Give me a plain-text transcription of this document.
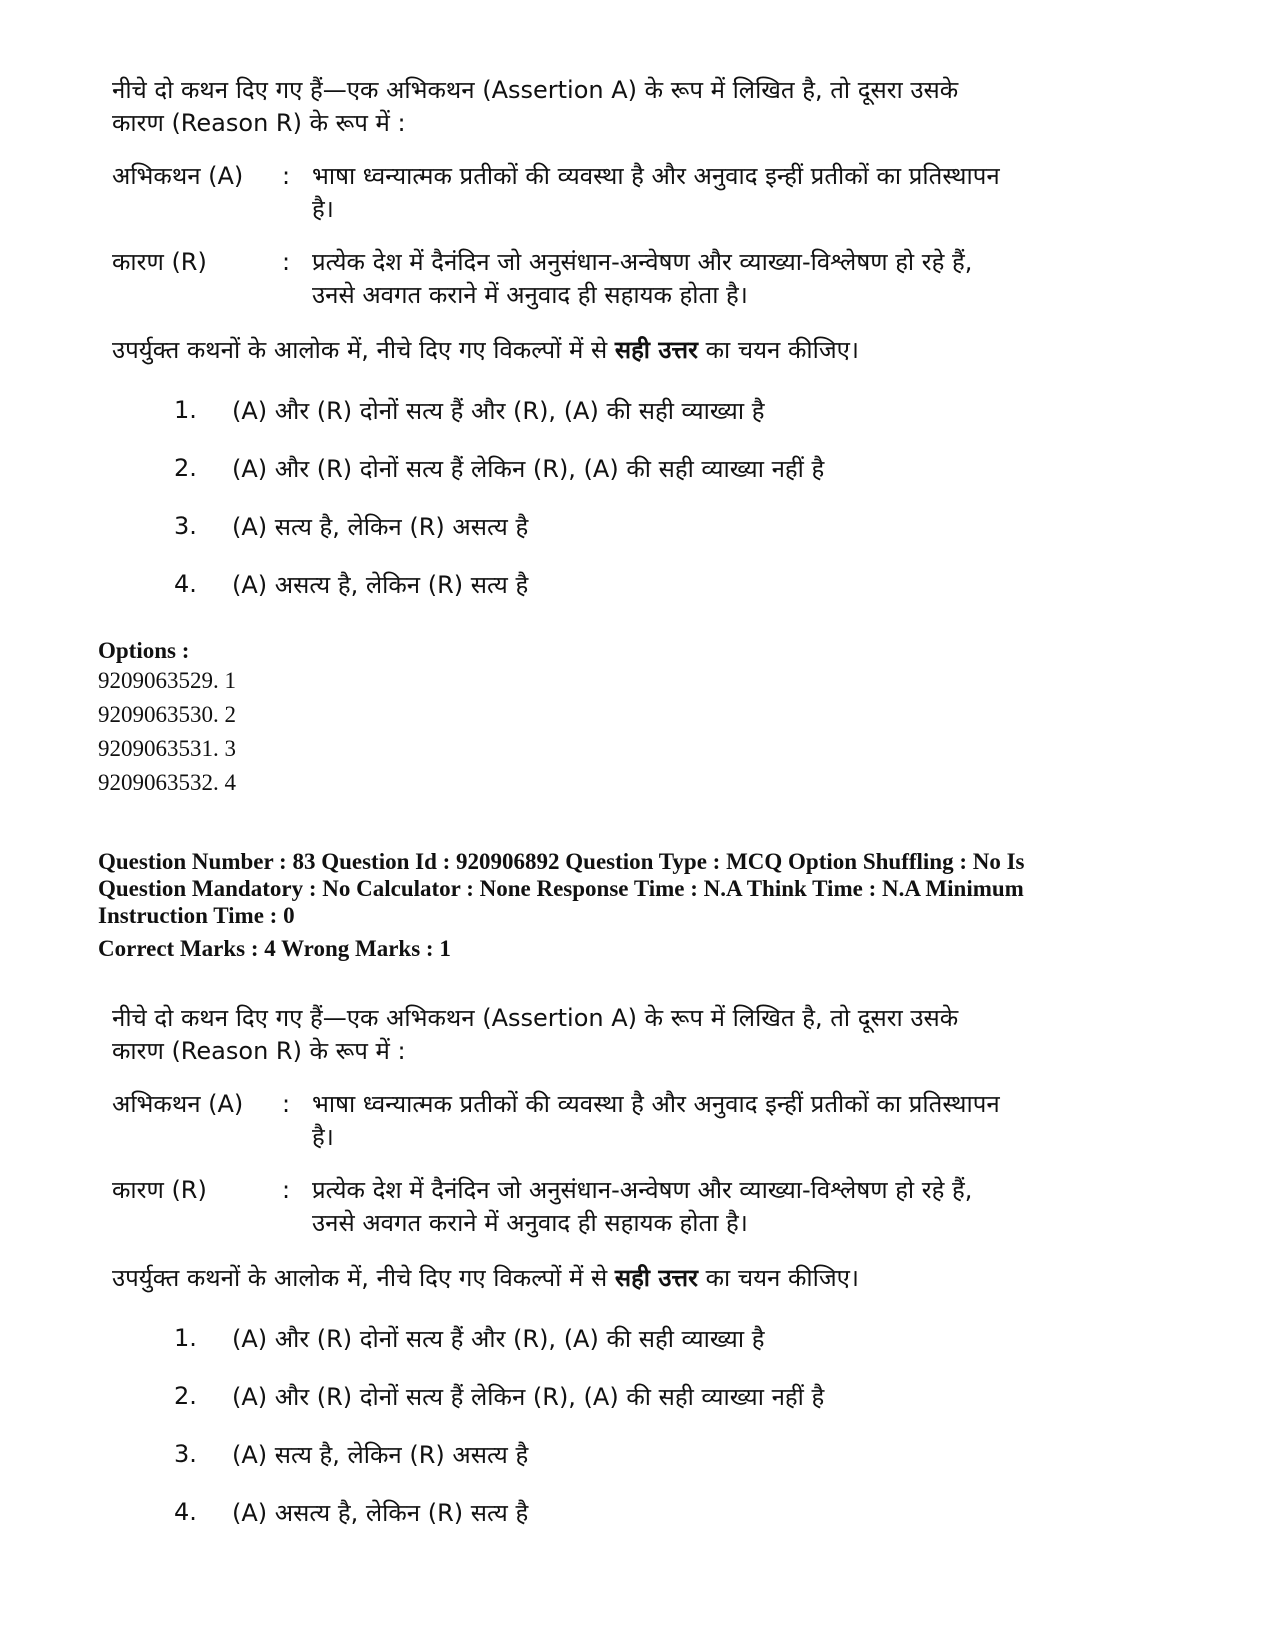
नीचे दो कथन दिए गए हैं—एक अभिकथन (Assertion A) के रूप में लिखित है, तो दूसरा उसके कारण (Reason R) के रूप में :

अभिकथन (A)	: भाषा ध्वन्यात्मक प्रतीकों की व्यवस्था है और अनुवाद इन्हीं प्रतीकों का प्रतिस्थापन है।
कारण (R)	: प्रत्येक देश में दैनंदिन जो अनुसंधान-अन्वेषण और व्याख्या-विश्लेषण हो रहे हैं, उनसे अवगत कराने में अनुवाद ही सहायक होता है।
उपर्युक्त कथनों के आलोक में, नीचे दिए गए विकल्पों में से सही उत्तर का चयन कीजिए।
1.	(A) और (R) दोनों सत्य हैं और (R), (A) की सही व्याख्या है
2.	(A) और (R) दोनों सत्य हैं लेकिन (R), (A) की सही व्याख्या नहीं है
3.	(A) सत्य है, लेकिन (R) असत्य है
4.	(A) असत्य है, लेकिन (R) सत्य है
Options :
9209063529. 1
9209063530. 2
9209063531. 3
9209063532. 4
Question Number : 83 Question Id : 920906892 Question Type : MCQ Option Shuffling : No Is
Question Mandatory : No Calculator : None Response Time : N.A Think Time : N.A Minimum
Instruction Time : 0
Correct Marks : 4 Wrong Marks : 1

नीचे दो कथन दिए गए हैं—एक अभिकथन (Assertion A) के रूप में लिखित है, तो दूसरा उसके कारण (Reason R) के रूप में :

अभिकथन (A)	: भाषा ध्वन्यात्मक प्रतीकों की व्यवस्था है और अनुवाद इन्हीं प्रतीकों का प्रतिस्थापन है।
कारण (R)	: प्रत्येक देश में दैनंदिन जो अनुसंधान-अन्वेषण और व्याख्या-विश्लेषण हो रहे हैं, उनसे अवगत कराने में अनुवाद ही सहायक होता है।
उपर्युक्त कथनों के आलोक में, नीचे दिए गए विकल्पों में से सही उत्तर का चयन कीजिए।
1.	(A) और (R) दोनों सत्य हैं और (R), (A) की सही व्याख्या है
2.	(A) और (R) दोनों सत्य हैं लेकिन (R), (A) की सही व्याख्या नहीं है
3.	(A) सत्य है, लेकिन (R) असत्य है
4.	(A) असत्य है, लेकिन (R) सत्य है
